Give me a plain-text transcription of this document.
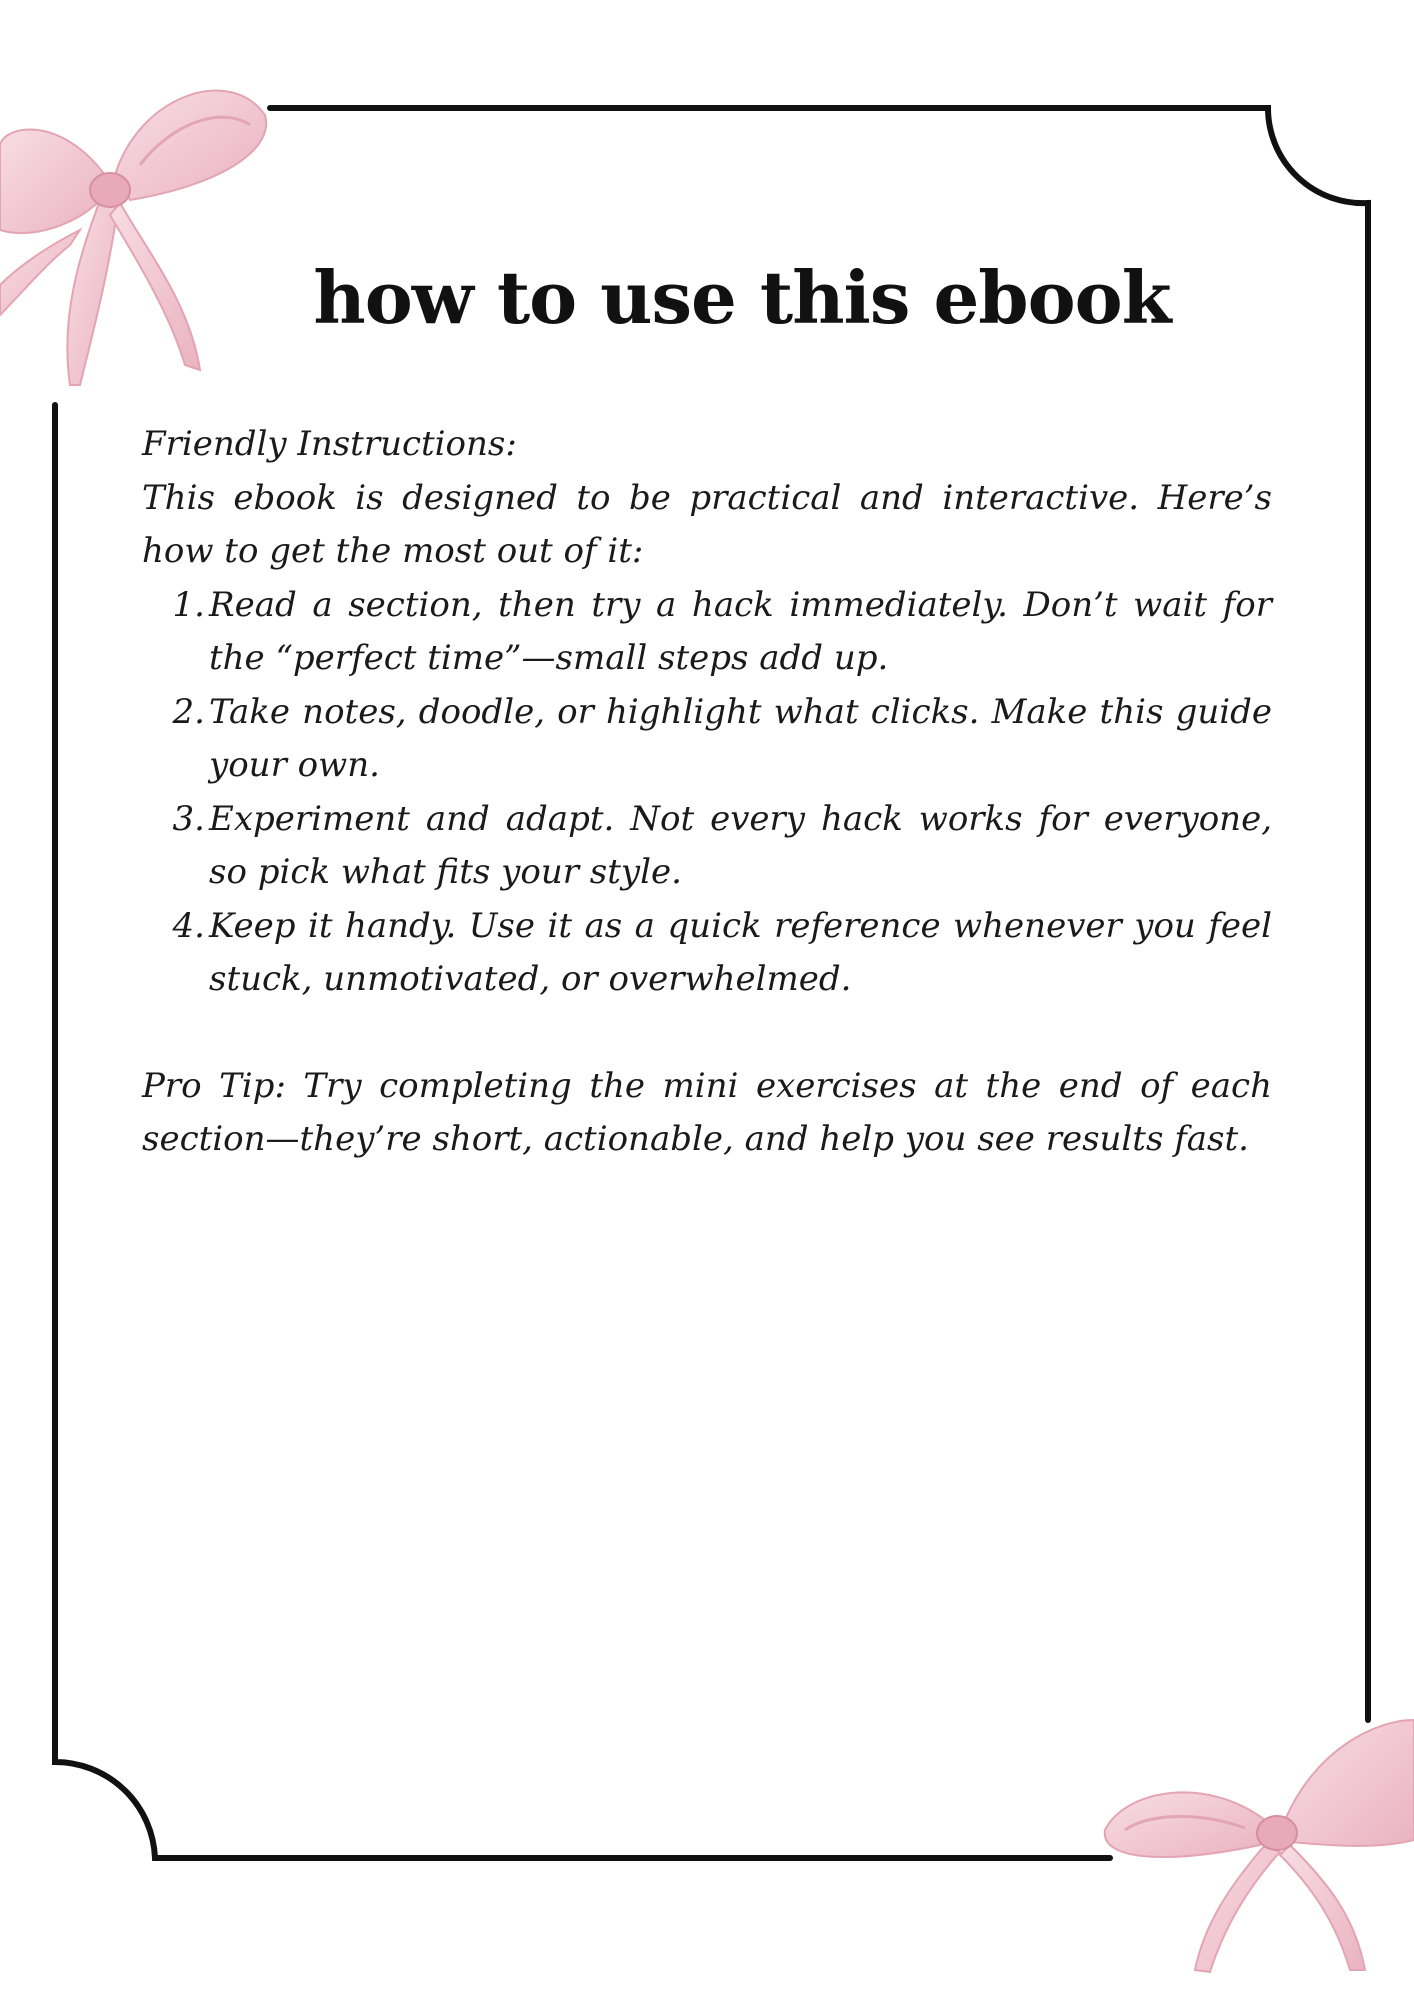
how to use this ebook

Friendly Instructions:

This ebook is designed to be practical and interactive. Here’s how to get the most out of it:

1. Read a section, then try a hack immediately. Don’t wait for the “perfect time”—small steps add up.
2. Take notes, doodle, or highlight what clicks. Make this guide your own.
3. Experiment and adapt. Not every hack works for everyone, so pick what fits your style.
4. Keep it handy. Use it as a quick reference whenever you feel stuck, unmotivated, or overwhelmed.

Pro Tip: Try completing the mini exercises at the end of each section—they’re short, actionable, and help you see results fast.
